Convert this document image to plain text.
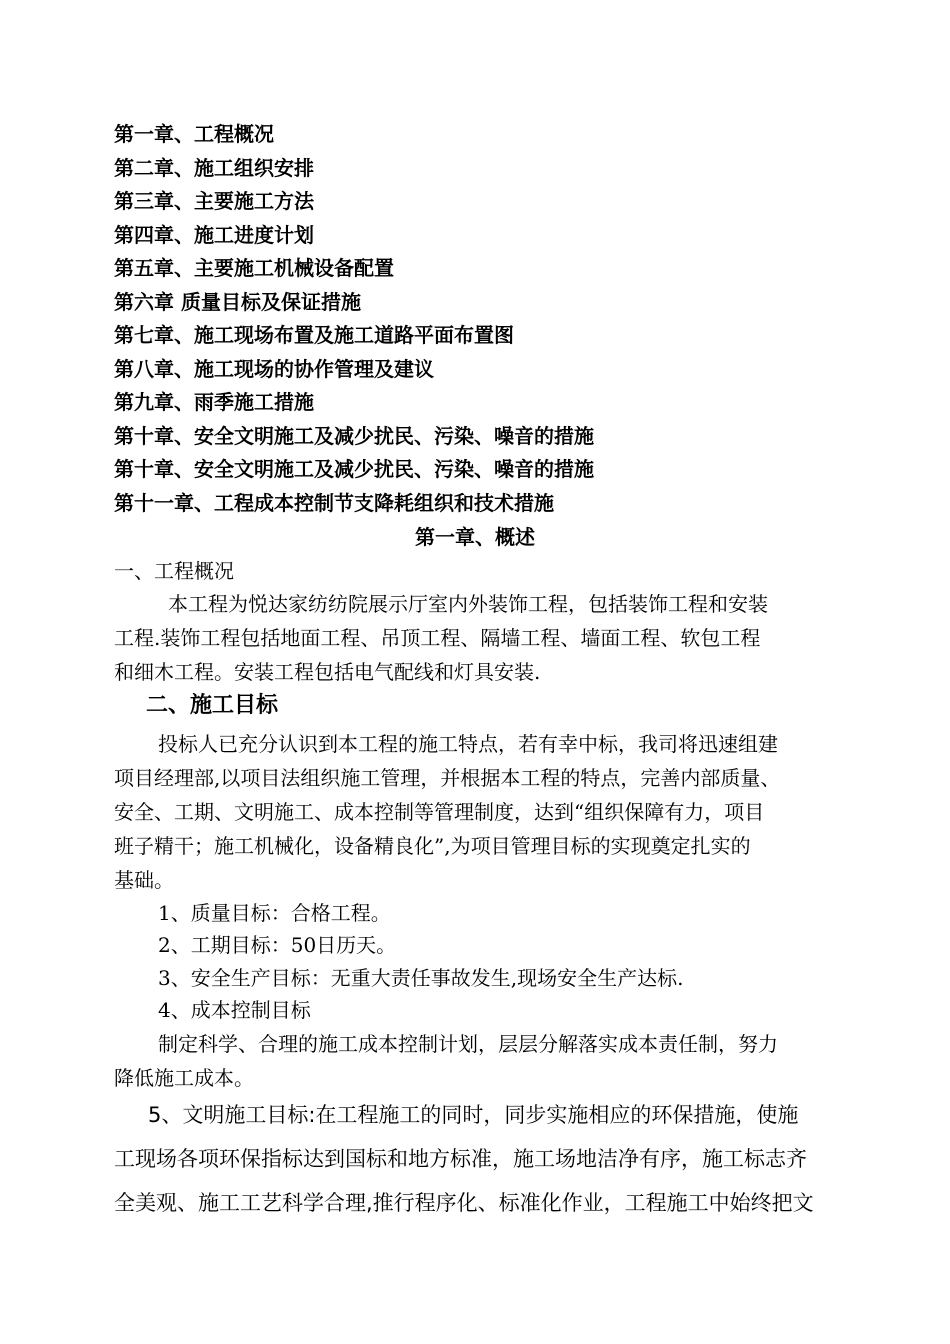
第一章、工程概况
第二章、施工组织安排
第三章、主要施工方法
第四章、施工进度计划
第五章、主要施工机械设备配置
第六章 质量目标及保证措施
第七章、施工现场布置及施工道路平面布置图
第八章、施工现场的协作管理及建议
第九章、雨季施工措施
第十章、安全文明施工及减少扰民、污染、噪音的措施
第十章、安全文明施工及减少扰民、污染、噪音的措施
第十一章、工程成本控制节支降耗组织和技术措施
第一章、概述
一、工程概况
本工程为悦达家纺纺院展示厅室内外装饰工程，包括装饰工程和安装
工程.装饰工程包括地面工程、吊顶工程、隔墙工程、墙面工程、软包工程
和细木工程。安装工程包括电气配线和灯具安装.
二、施工目标
投标人已充分认识到本工程的施工特点，若有幸中标，我司将迅速组建
项目经理部,以项目法组织施工管理，并根据本工程的特点，完善内部质量、
安全、工期、文明施工、成本控制等管理制度，达到“组织保障有力，项目
班子精干；施工机械化，设备精良化”,为项目管理目标的实现奠定扎实的
基础。
1、质量目标：合格工程。
2、工期目标：50日历天。
3、安全生产目标：无重大责任事故发生,现场安全生产达标.
4、成本控制目标
制定科学、合理的施工成本控制计划，层层分解落实成本责任制，努力
降低施工成本。
5、文明施工目标:在工程施工的同时，同步实施相应的环保措施，使施
工现场各项环保指标达到国标和地方标准，施工场地洁净有序，施工标志齐
全美观、施工工艺科学合理,推行程序化、标准化作业，工程施工中始终把文
